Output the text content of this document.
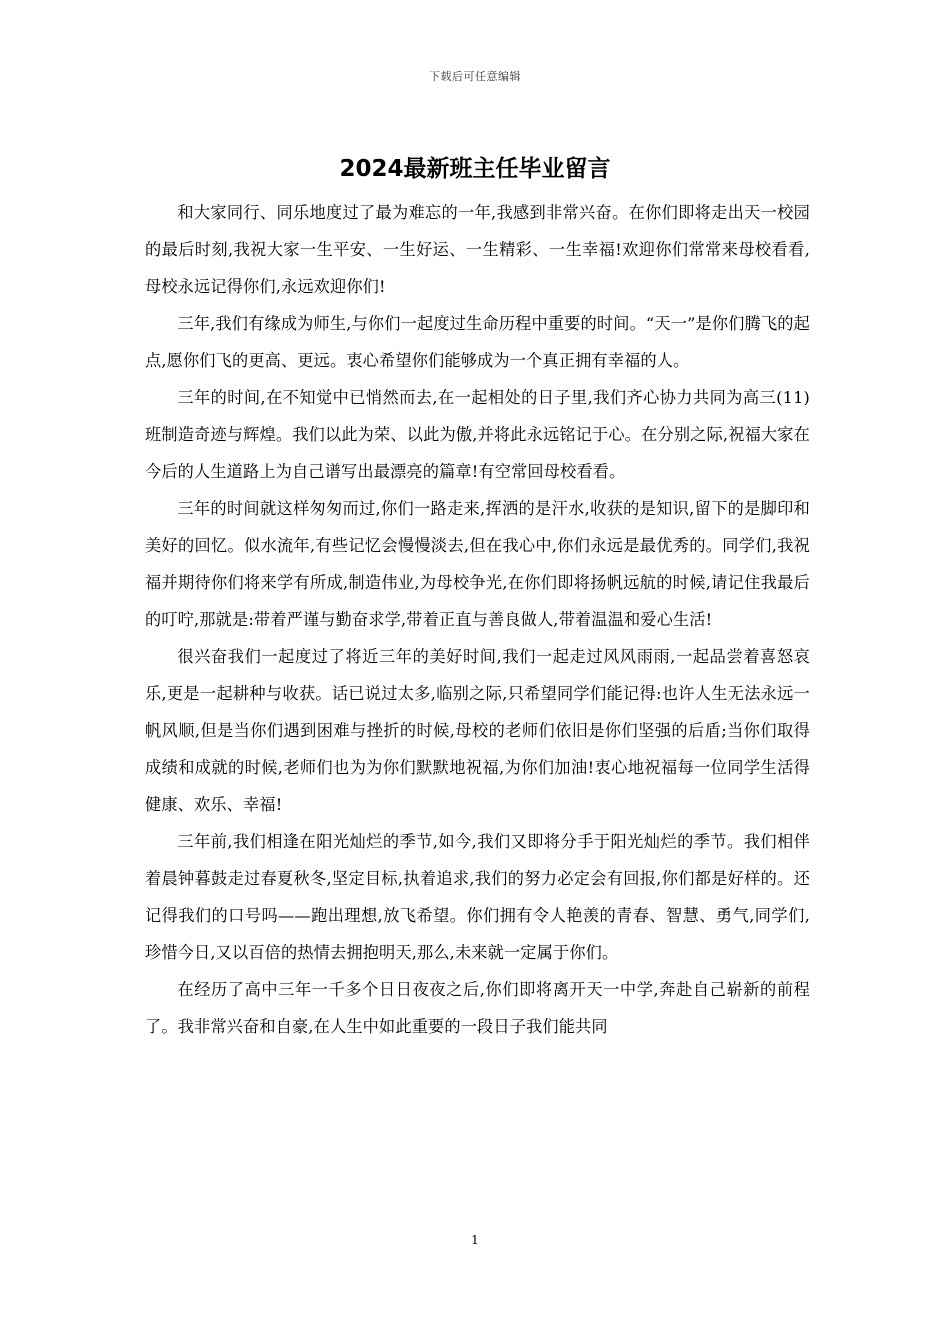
下载后可任意编辑
2024最新班主任毕业留言

和大家同行、同乐地度过了最为难忘的一年,我感到非常兴奋。在你们即将走出天一校园的最后时刻,我祝大家一生平安、一生好运、一生精彩、一生幸福!欢迎你们常常来母校看看,母校永远记得你们,永远欢迎你们!

三年,我们有缘成为师生,与你们一起度过生命历程中重要的时间。“天一”是你们腾飞的起点,愿你们飞的更高、更远。衷心希望你们能够成为一个真正拥有幸福的人。

三年的时间,在不知觉中已悄然而去,在一起相处的日子里,我们齐心协力共同为高三(11)班制造奇迹与辉煌。我们以此为荣、以此为傲,并将此永远铭记于心。在分别之际,祝福大家在今后的人生道路上为自己谱写出最漂亮的篇章!有空常回母校看看。

三年的时间就这样匆匆而过,你们一路走来,挥洒的是汗水,收获的是知识,留下的是脚印和美好的回忆。似水流年,有些记忆会慢慢淡去,但在我心中,你们永远是最优秀的。同学们,我祝福并期待你们将来学有所成,制造伟业,为母校争光,在你们即将扬帆远航的时候,请记住我最后的叮咛,那就是:带着严谨与勤奋求学,带着正直与善良做人,带着温温和爱心生活!

很兴奋我们一起度过了将近三年的美好时间,我们一起走过风风雨雨,一起品尝着喜怒哀乐,更是一起耕种与收获。话已说过太多,临别之际,只希望同学们能记得:也许人生无法永远一帆风顺,但是当你们遇到困难与挫折的时候,母校的老师们依旧是你们坚强的后盾;当你们取得成绩和成就的时候,老师们也为为你们默默地祝福,为你们加油!衷心地祝福每一位同学生活得健康、欢乐、幸福!

三年前,我们相逢在阳光灿烂的季节,如今,我们又即将分手于阳光灿烂的季节。我们相伴着晨钟暮鼓走过春夏秋冬,坚定目标,执着追求,我们的努力必定会有回报,你们都是好样的。还记得我们的口号吗——跑出理想,放飞希望。你们拥有令人艳羡的青春、智慧、勇气,同学们,珍惜今日,又以百倍的热情去拥抱明天,那么,未来就一定属于你们。

在经历了高中三年一千多个日日夜夜之后,你们即将离开天一中学,奔赴自己崭新的前程了。我非常兴奋和自豪,在人生中如此重要的一段日子我们能共同

1
